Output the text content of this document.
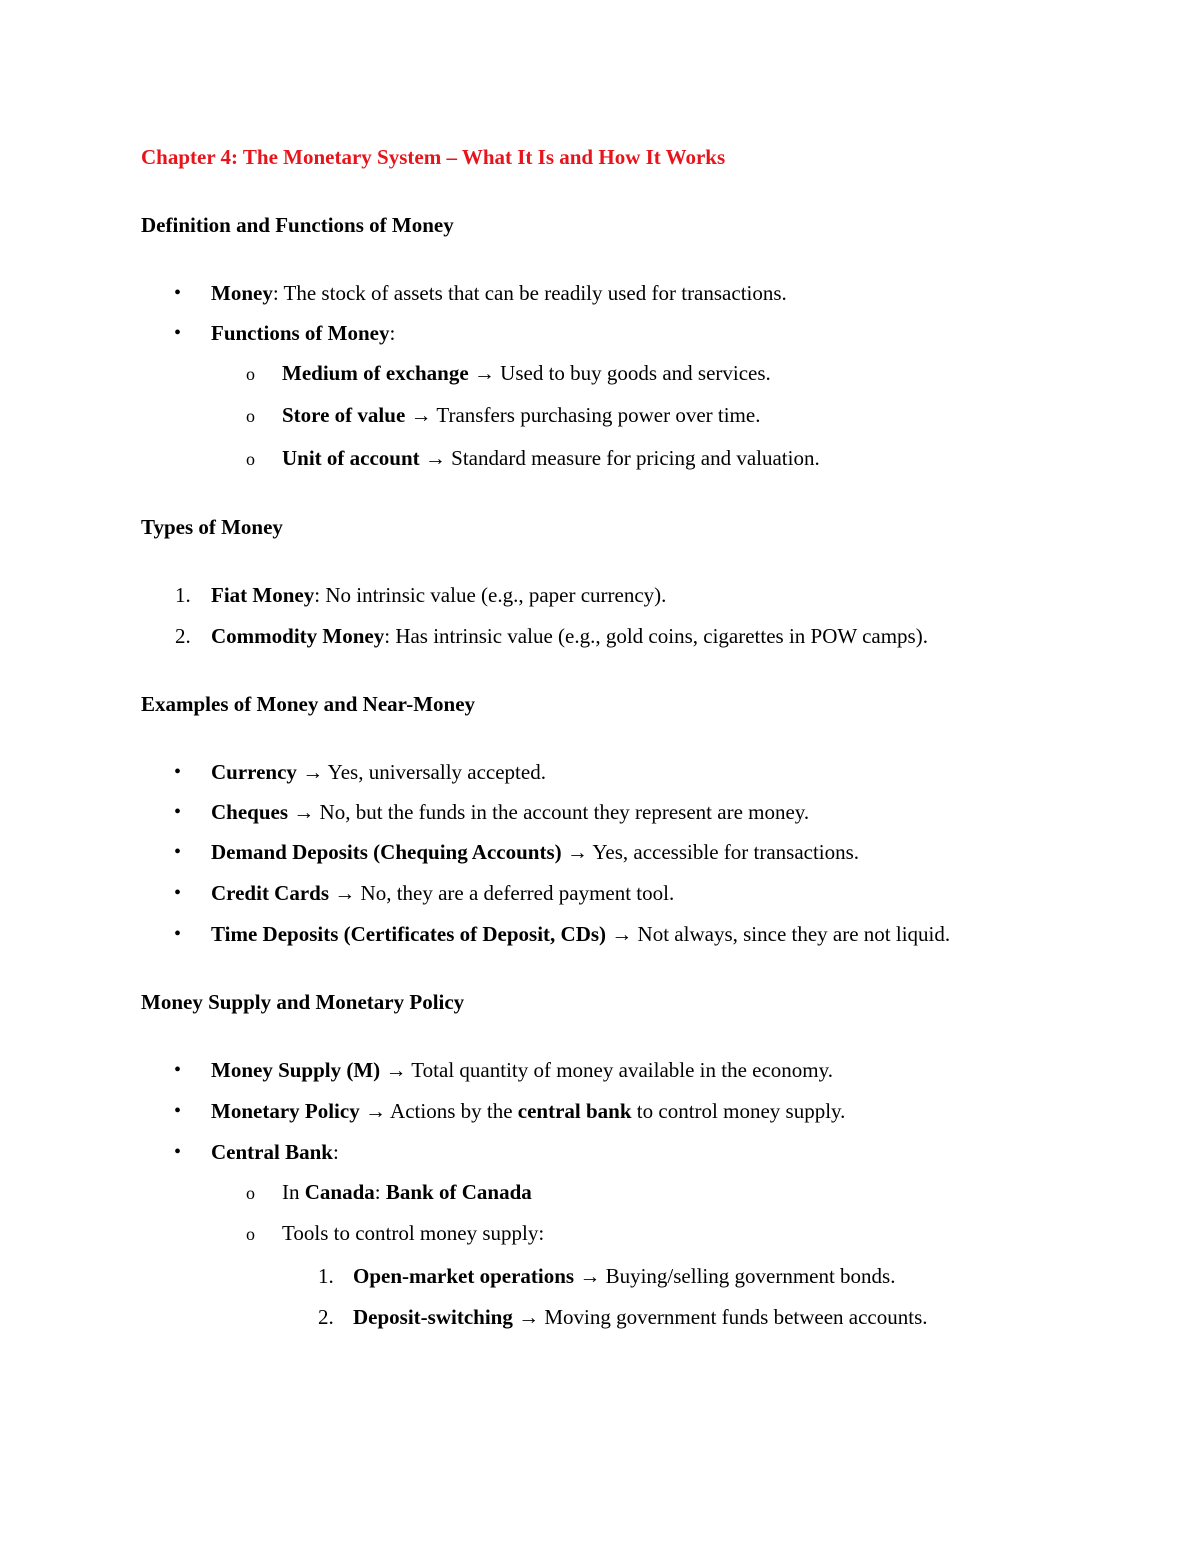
Chapter 4: The Monetary System – What It Is and How It Works
Definition and Functions of Money
• Money: The stock of assets that can be readily used for transactions.
• Functions of Money:
o Medium of exchange → Used to buy goods and services.
o Store of value → Transfers purchasing power over time.
o Unit of account → Standard measure for pricing and valuation.
Types of Money
1. Fiat Money: No intrinsic value (e.g., paper currency).
2. Commodity Money: Has intrinsic value (e.g., gold coins, cigarettes in POW camps).
Examples of Money and Near-Money
• Currency → Yes, universally accepted.
• Cheques → No, but the funds in the account they represent are money.
• Demand Deposits (Chequing Accounts) → Yes, accessible for transactions.
• Credit Cards → No, they are a deferred payment tool.
• Time Deposits (Certificates of Deposit, CDs) → Not always, since they are not liquid.
Money Supply and Monetary Policy
• Money Supply (M) → Total quantity of money available in the economy.
• Monetary Policy → Actions by the central bank to control money supply.
• Central Bank:
o In Canada: Bank of Canada
o Tools to control money supply:
1. Open-market operations → Buying/selling government bonds.
2. Deposit-switching → Moving government funds between accounts.
